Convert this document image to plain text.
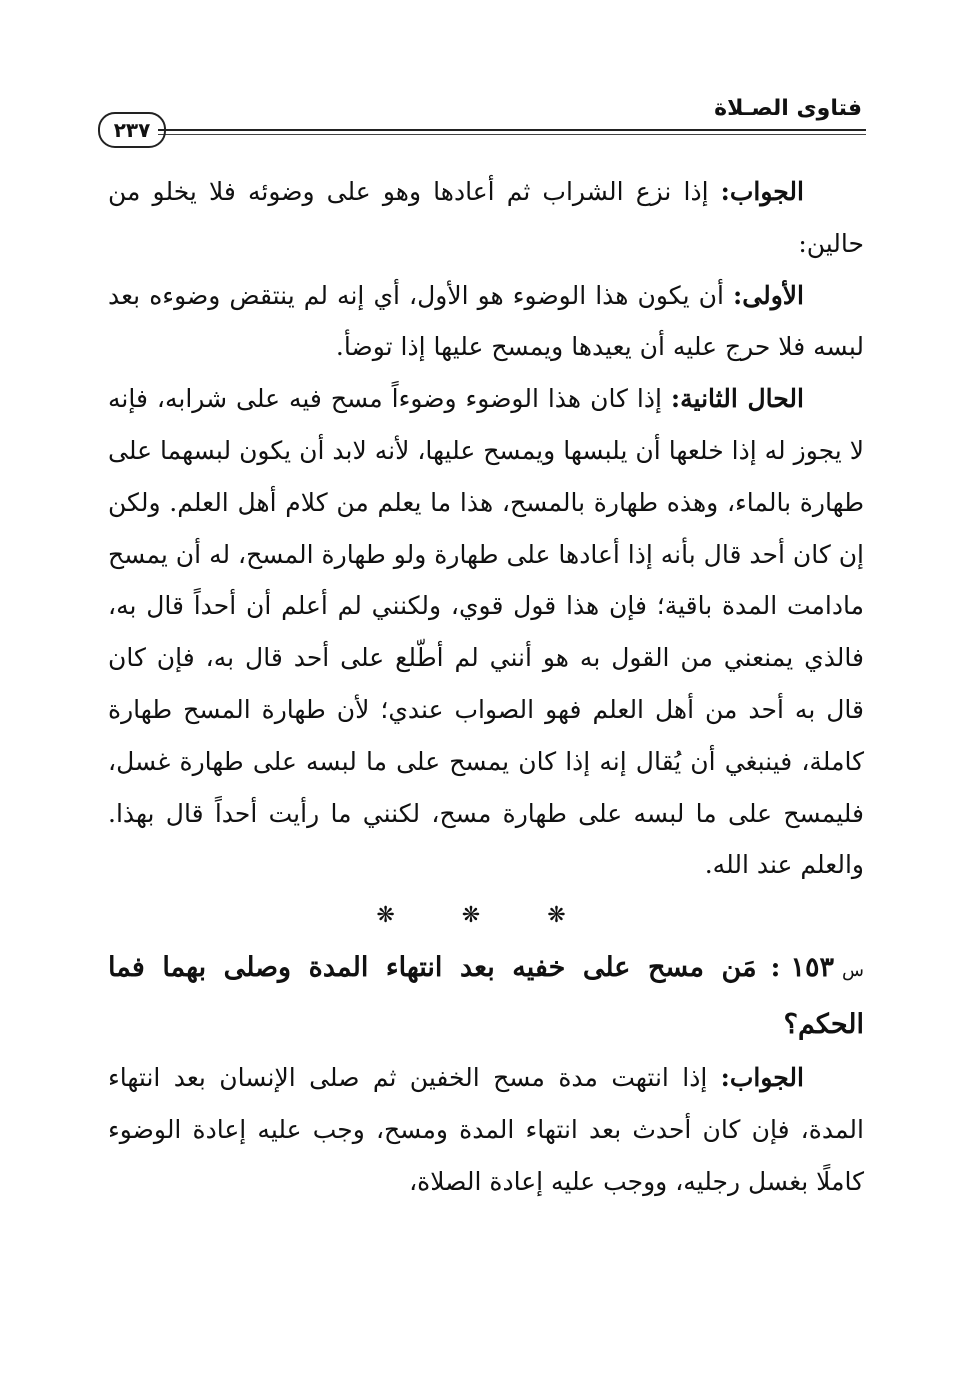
فتاوى الصـلاة
٢٣٧

الجواب: إذا نزع الشراب ثم أعادها وهو على وضوئه فلا يخلو من حالين:

الأولى: أن يكون هذا الوضوء هو الأول، أي إنه لم ينتقض وضوءه بعد لبسه فلا حرج عليه أن يعيدها ويمسح عليها إذا توضأ.

الحال الثانية: إذا كان هذا الوضوء وضوءاً مسح فيه على شرابه، فإنه لا يجوز له إذا خلعها أن يلبسها ويمسح عليها، لأنه لابد أن يكون لبسهما على طهارة بالماء، وهذه طهارة بالمسح، هذا ما يعلم من كلام أهل العلم. ولكن إن كان أحد قال بأنه إذا أعادها على طهارة ولو طهارة المسح، له أن يمسح مادامت المدة باقية؛ فإن هذا قول قوي، ولكنني لم أعلم أن أحداً قال به، فالذي يمنعني من القول به هو أنني لم أطّلع على أحد قال به، فإن كان قال به أحد من أهل العلم فهو الصواب عندي؛ لأن طهارة المسح طهارة كاملة، فينبغي أن يُقال إنه إذا كان يمسح على ما لبسه على طهارة غسل، فليمسح على ما لبسه على طهارة مسح، لكنني ما رأيت أحداً قال بهذا. والعلم عند الله.

❋ ❋ ❋

س١٥٣:مَن مسح على خفيه بعد انتهاء المدة وصلى بهما فما الحكم؟

الجواب: إذا انتهت مدة مسح الخفين ثم صلى الإنسان بعد انتهاء المدة، فإن كان أحدث بعد انتهاء المدة ومسح، وجب عليه إعادة الوضوء كاملًا بغسل رجليه، ووجب عليه إعادة الصلاة،
